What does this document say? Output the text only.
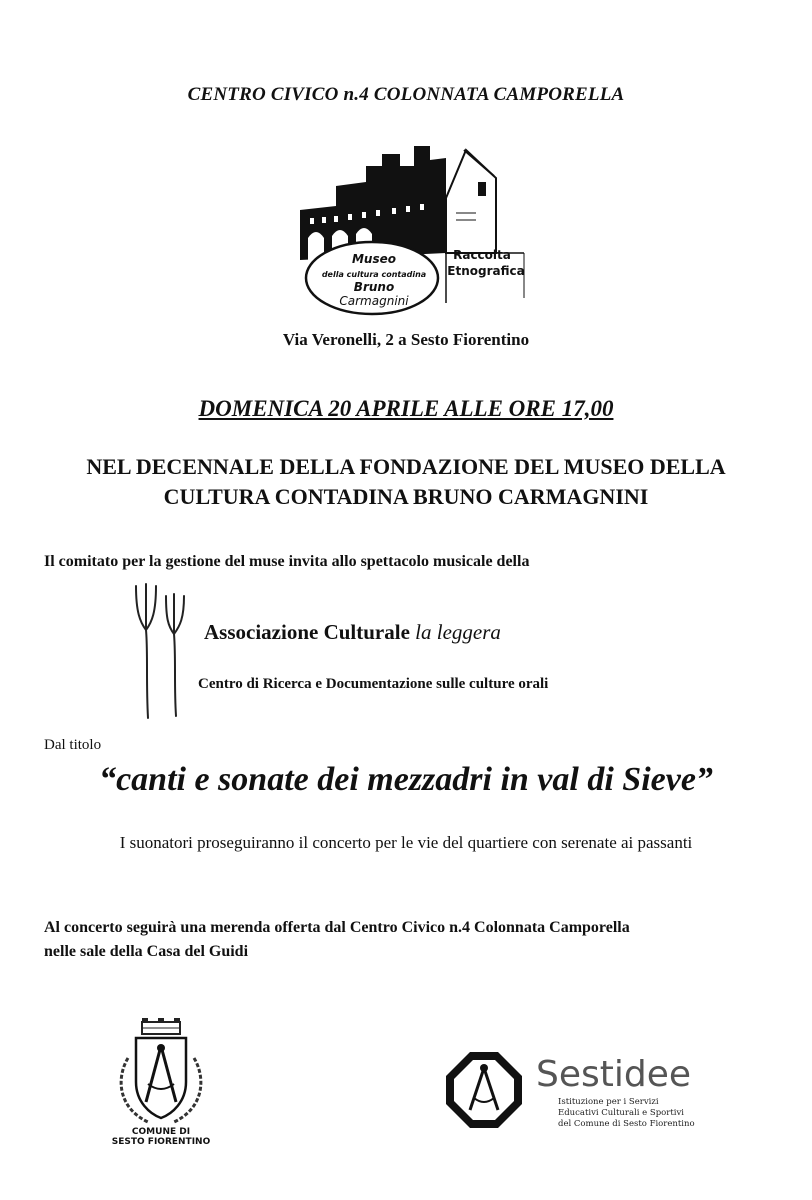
CENTRO CIVICO n.4 COLONNATA CAMPORELLA
Museo
della cultura contadina
Bruno
Carmagnini
Raccolta
Etnografica
Via Veronelli, 2 a Sesto Fiorentino
DOMENICA 20 APRILE ALLE ORE 17,00
NEL DECENNALE DELLA FONDAZIONE DEL MUSEO DELLA
CULTURA CONTADINA BRUNO CARMAGNINI
Il comitato per la gestione del muse invita allo spettacolo musicale della
Associazione Culturale la leggera
Centro di Ricerca e Documentazione sulle culture orali
Dal titolo
“canti e sonate dei mezzadri in val di Sieve”
I suonatori proseguiranno il concerto per le vie del quartiere con serenate ai passanti
Al concerto seguirà una merenda offerta dal Centro Civico n.4 Colonnata Camporella
nelle sale della Casa del Guidi
COMUNE DI
SESTO FIORENTINO
Sestidee
Istituzione per i Servizi
Educativi Culturali e Sportivi
del Comune di Sesto Fiorentino
